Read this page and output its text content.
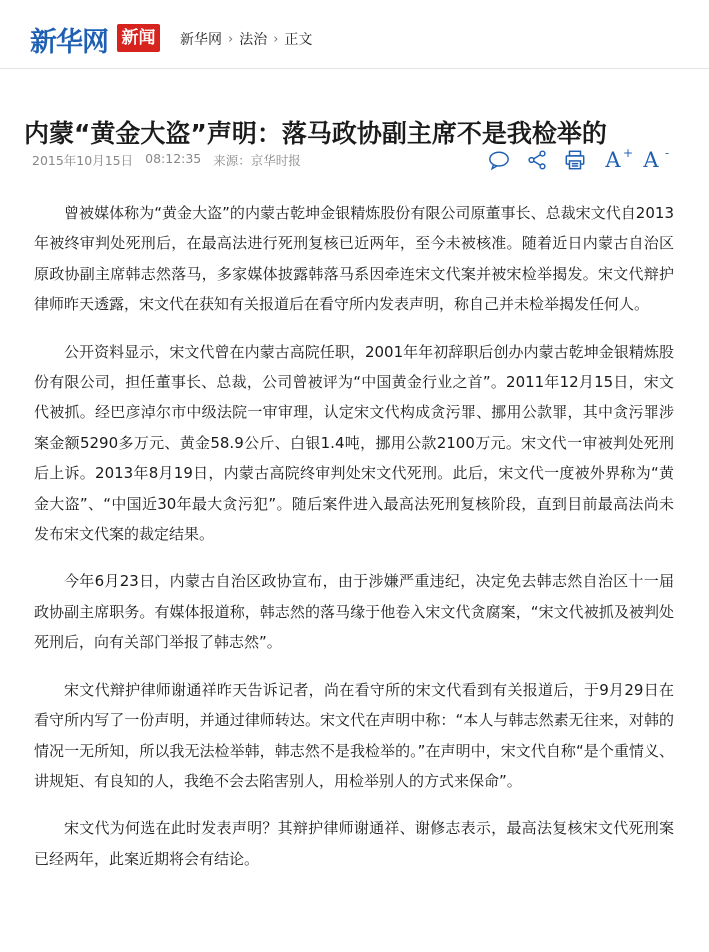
新华网 新闻	新华网 › 法治 › 正文
内蒙“黄金大盗”声明：落马政协副主席不是我检举的
2015年10月15日 08:12:35 来源：京华时报	A+ A -

曾被媒体称为“黄金大盗”的内蒙古乾坤金银精炼股份有限公司原董事长、总裁宋文代自2013年被终审判处死刑后，在最高法进行死刑复核已近两年，至今未被核准。随着近日内蒙古自治区原政协副主席韩志然落马，多家媒体披露韩落马系因牵连宋文代案并被宋检举揭发。宋文代辩护律师昨天透露，宋文代在获知有关报道后在看守所内发表声明，称自己并未检举揭发任何人。

公开资料显示，宋文代曾在内蒙古高院任职，2001年年初辞职后创办内蒙古乾坤金银精炼股份有限公司，担任董事长、总裁，公司曾被评为“中国黄金行业之首”。2011年12月15日，宋文代被抓。经巴彦淖尔市中级法院一审审理，认定宋文代构成贪污罪、挪用公款罪，其中贪污罪涉案金额5290多万元、黄金58.9公斤、白银1.4吨，挪用公款2100万元。宋文代一审被判处死刑后上诉。2013年8月19日，内蒙古高院终审判处宋文代死刑。此后，宋文代一度被外界称为“黄金大盗”、“中国近30年最大贪污犯”。随后案件进入最高法死刑复核阶段，直到目前最高法尚未发布宋文代案的裁定结果。

今年6月23日，内蒙古自治区政协宣布，由于涉嫌严重违纪，决定免去韩志然自治区十一届政协副主席职务。有媒体报道称，韩志然的落马缘于他卷入宋文代贪腐案，“宋文代被抓及被判处死刑后，向有关部门举报了韩志然”。

宋文代辩护律师谢通祥昨天告诉记者，尚在看守所的宋文代看到有关报道后，于9月29日在看守所内写了一份声明，并通过律师转达。宋文代在声明中称：“本人与韩志然素无往来，对韩的情况一无所知，所以我无法检举韩，韩志然不是我检举的。”在声明中，宋文代自称“是个重情义、讲规矩、有良知的人，我绝不会去陷害别人，用检举别人的方式来保命”。

宋文代为何选在此时发表声明？其辩护律师谢通祥、谢修志表示，最高法复核宋文代死刑案已经两年，此案近期将会有结论。
